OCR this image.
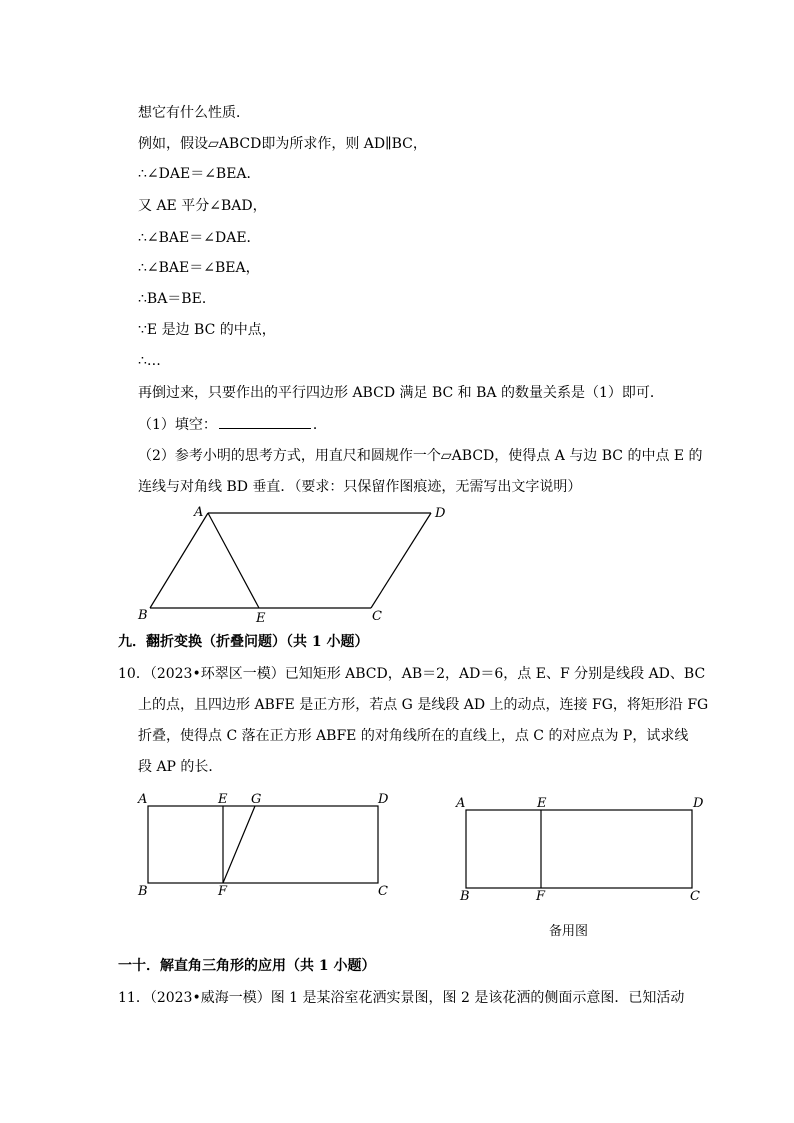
想它有什么性质．
例如，假设▱ABCD即为所求作，则 AD∥BC，
∴∠DAE＝∠BEA．
又 AE 平分∠BAD，
∴∠BAE＝∠DAE．
∴∠BAE＝∠BEA，
∴BA＝BE．
∵E 是边 BC 的中点，
∴…
再倒过来，只要作出的平行四边形 ABCD 满足 BC 和 BA 的数量关系是（1）即可．
（1）填空：	．
（2）参考小明的思考方式，用直尺和圆规作一个▱ABCD，使得点 A 与边 BC 的中点 E 的
连线与对角线 BD 垂直．（要求：只保留作图痕迹，无需写出文字说明）
A	D
B	E	C
九．翻折变换（折叠问题）（共 1 小题）
10．（2023•环翠区一模）已知矩形 ABCD，AB＝2，AD＝6，点 E、F 分别是线段 AD、BC
上的点，且四边形 ABFE 是正方形，若点 G 是线段 AD 上的动点，连接 FG，将矩形沿 FG
折叠，使得点 C 落在正方形 ABFE 的对角线所在的直线上，点 C 的对应点为 P，试求线
段 AP 的长．
A	E G	D
B	F	C
A	E	D
B	F	C
备用图
一十．解直角三角形的应用（共 1 小题）
11．（2023•威海一模）图 1 是某浴室花洒实景图，图 2 是该花洒的侧面示意图．已知活动
